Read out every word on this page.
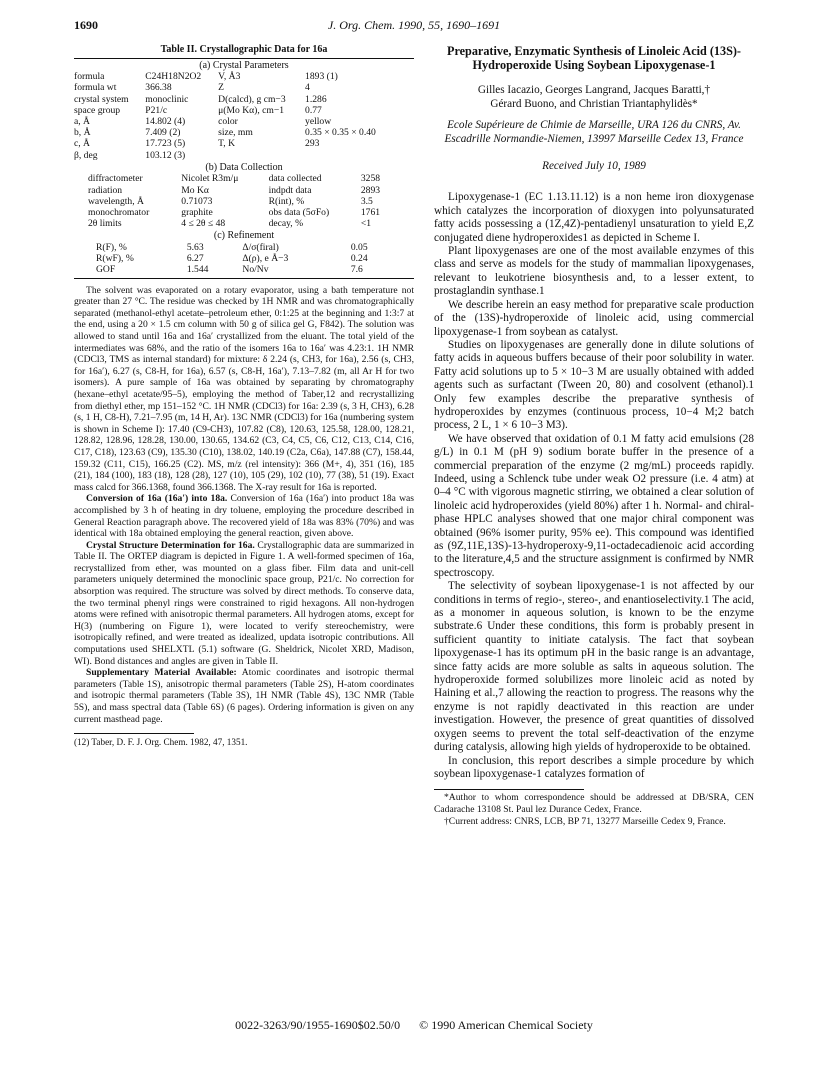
1690	J. Org. Chem. 1990, 55, 1690–1691
Table II. Crystallographic Data for 16a
(a) Crystal Parameters
formula	C24H18N2O2	V, Å3	1893 (1)
formula wt	366.38	Z	4
crystal system	monoclinic	D(calcd), g cm−3	1.286
space group	P21/c	μ(Mo Kα), cm−1	0.77
a, Å	14.802 (4)	color	yellow
b, Å	7.409 (2)	size, mm	0.35 × 0.35 × 0.40
c, Å	17.723 (5)	T, K	293
β, deg	103.12 (3)		
(b) Data Collection
diffractometer	Nicolet R3m/μ	data collected	3258
radiation	Mo Kα	indpdt data	2893
wavelength, Å	0.71073	R(int), %	3.5
monochromator	graphite	obs data (5σFo)	1761
2θ limits	4 ≤ 2θ ≤ 48	decay, %	<1
(c) Refinement
R(F), %	5.63	Δ/σ(firal)	0.05
R(wF), %	6.27	Δ(ρ), e Å−3	0.24
GOF	1.544	No/Nv	7.6

The solvent was evaporated on a rotary evaporator, using a bath temperature not greater than 27 °C. The residue was checked by 1H NMR and was chromatographically separated (methanol-ethyl acetate–petroleum ether, 0:1:25 at the beginning and 1:3:7 at the end, using a 20 × 1.5 cm column with 50 g of silica gel G, F842). The solution was allowed to stand until 16a and 16a′ crystallized from the eluant. The total yield of the intermediates was 68%, and the ratio of the isomers 16a to 16a′ was 4.23:1. 1H NMR (CDCl3, TMS as internal standard) for mixture: δ 2.24 (s, CH3, for 16a), 2.56 (s, CH3, for 16a′), 6.27 (s, C8-H, for 16a), 6.57 (s, C8-H, 16a′), 7.13–7.82 (m, all Ar H for two isomers). A pure sample of 16a was obtained by separating by chromatography (hexane–ethyl acetate/95–5), employing the method of Taber,12 and recrystallizing from diethyl ether, mp 151–152 °C. 1H NMR (CDCl3) for 16a: 2.39 (s, 3 H, CH3), 6.28 (s, 1 H, C8-H), 7.21–7.95 (m, 14 H, Ar). 13C NMR (CDCl3) for 16a (numbering system is shown in Scheme I): 17.40 (C9-CH3), 107.82 (C8), 120.63, 125.58, 128.00, 128.21, 128.82, 128.96, 128.28, 130.00, 130.65, 134.62 (C3, C4, C5, C6, C12, C13, C14, C16, C17, C18), 123.63 (C9), 135.30 (C10), 138.02, 140.19 (C2a, C6a), 147.88 (C7), 158.44, 159.32 (C11, C15), 166.25 (C2). MS, m/z (rel intensity): 366 (M+, 4), 351 (16), 185 (21), 184 (100), 183 (18), 128 (28), 127 (10), 105 (29), 102 (10), 77 (38), 51 (19). Exact mass calcd for 366.1368, found 366.1368. The X-ray result for 16a is reported.

Conversion of 16a (16a′) into 18a. Conversion of 16a (16a′) into product 18a was accomplished by 3 h of heating in dry toluene, employing the procedure described in General Reaction paragraph above. The recovered yield of 18a was 83% (70%) and was identical with 18a obtained employing the general reaction, given above.

Crystal Structure Determination for 16a. Crystallographic data are summarized in Table II. The ORTEP diagram is depicted in Figure 1. A well-formed specimen of 16a, recrystallized from ether, was mounted on a glass fiber. Film data and unit-cell parameters uniquely determined the monoclinic space group, P21/c. No correction for absorption was required. The structure was solved by direct methods. To conserve data, the two terminal phenyl rings were constrained to rigid hexagons. All non-hydrogen atoms were refined with anisotropic thermal parameters. All hydrogen atoms, except for H(3) (numbering on Figure 1), were located to verify stereochemistry, were isotropically refined, and were treated as idealized, updata isotropic contributions. All computations used SHELXTL (5.1) software (G. Sheldrick, Nicolet XRD, Madison, WI). Bond distances and angles are given in Table II.

Supplementary Material Available: Atomic coordinates and isotropic thermal parameters (Table 1S), anisotropic thermal parameters (Table 2S), H-atom coordinates and isotropic thermal parameters (Table 3S), 1H NMR (Table 4S), 13C NMR (Table 5S), and mass spectral data (Table 6S) (6 pages). Ordering information is given on any current masthead page.

(12) Taber, D. F. J. Org. Chem. 1982, 47, 1351.
Preparative, Enzymatic Synthesis of Linoleic Acid (13S)-Hydroperoxide Using Soybean Lipoxygenase-1
Gilles Iacazio, Georges Langrand, Jacques Baratti,†
Gérard Buono, and Christian Triantaphylidès*
Ecole Supérieure de Chimie de Marseille, URA 126 du CNRS, Av. Escadrille Normandie-Niemen, 13997 Marseille Cedex 13, France
Received July 10, 1989

Lipoxygenase-1 (EC 1.13.11.12) is a non heme iron dioxygenase which catalyzes the incorporation of dioxygen into polyunsaturated fatty acids possessing a (1Z,4Z)-pentadienyl unsaturation to yield E,Z conjugated diene hydroperoxides1 as depicted in Scheme I.

Plant lipoxygenases are one of the most available enzymes of this class and serve as models for the study of mammalian lipoxygenases, relevant to leukotriene biosynthesis and, to a lesser extent, to prostaglandin synthase.1

We describe herein an easy method for preparative scale production of the (13S)-hydroperoxide of linoleic acid, using commercial lipoxygenase-1 from soybean as catalyst.

Studies on lipoxygenases are generally done in dilute solutions of fatty acids in aqueous buffers because of their poor solubility in water. Fatty acid solutions up to 5 × 10−3 M are usually obtained with added agents such as surfactant (Tween 20, 80) and cosolvent (ethanol).1 Only few examples describe the preparative synthesis of hydroperoxides by enzymes (continuous process, 10−4 M;2 batch process, 2 L, 1 × 6 10−3 M3).

We have observed that oxidation of 0.1 M fatty acid emulsions (28 g/L) in 0.1 M (pH 9) sodium borate buffer in the presence of a commercial preparation of the enzyme (2 mg/mL) proceeds rapidly. Indeed, using a Schlenck tube under weak O2 pressure (i.e. 4 atm) at 0–4 °C with vigorous magnetic stirring, we obtained a clear solution of linoleic acid hydroperoxides (yield 80%) after 1 h. Normal- and chiral-phase HPLC analyses showed that one major chiral component was obtained (96% isomer purity, 95% ee). This compound was identified as (9Z,11E,13S)-13-hydroperoxy-9,11-octadecadienoic acid according to the literature,4,5 and the structure assignment is confirmed by NMR spectroscopy.

The selectivity of soybean lipoxygenase-1 is not affected by our conditions in terms of regio-, stereo-, and enantioselectivity.1 The acid, as a monomer in aqueous solution, is known to be the enzyme substrate.6 Under these conditions, this form is probably present in sufficient quantity to initiate catalysis. The fact that soybean lipoxygenase-1 has its optimum pH in the basic range is an advantage, since fatty acids are more soluble as salts in aqueous solution. The hydroperoxide formed solubilizes more linoleic acid as noted by Haining et al.,7 allowing the reaction to progress. The reasons why the enzyme is not rapidly deactivated in this reaction are under investigation. However, the presence of great quantities of dissolved oxygen seems to prevent the total self-deactivation of the enzyme during catalysis, allowing high yields of hydroperoxide to be obtained.

In conclusion, this report describes a simple procedure by which soybean lipoxygenase-1 catalyzes formation of

*Author to whom correspondence should be addressed at DB/SRA, CEN Cadarache 13108 St. Paul lez Durance Cedex, France.
†Current address: CNRS, LCB, BP 71, 13277 Marseille Cedex 9, France.
0022-3263/90/1955-1690$02.50/0 © 1990 American Chemical Society
